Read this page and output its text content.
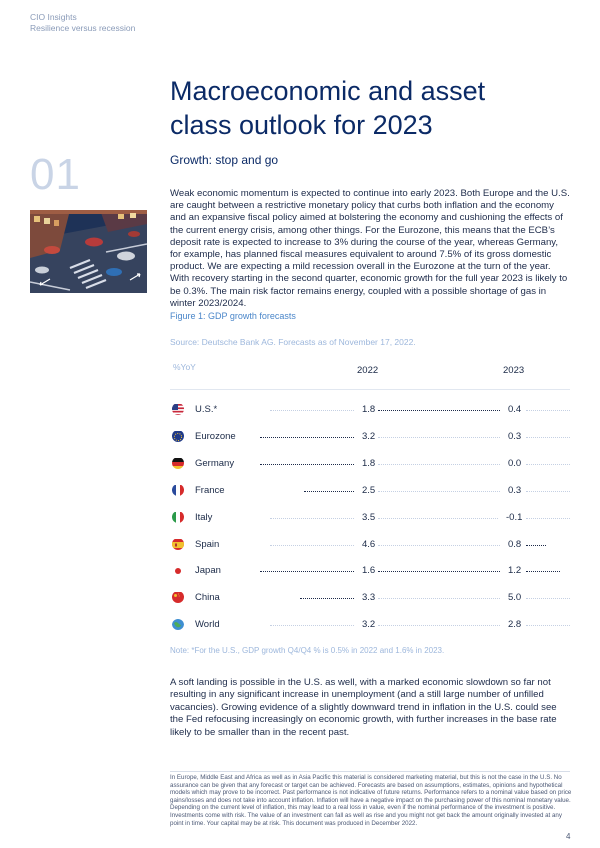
CIO Insights
Resilience versus recession
Macroeconomic and asset
class outlook for 2023
01	Growth: stop and go

Weak economic momentum is expected to continue into early 2023. Both Europe and the U.S. are caught between a restrictive monetary policy that curbs both inflation and the economy and an expansive fiscal policy aimed at bolstering the economy and cushioning the effects of the current energy crisis, among other things. For the Eurozone, this means that the ECB’s deposit rate is expected to increase to 3% during the course of the year, whereas Germany, for example, has planned fiscal measures equivalent to around 7.5% of its gross domestic product. We are expecting a mild recession overall in the Eurozone at the turn of the year. With recovery starting in the second quarter, economic growth for the full year 2023 is likely to be 0.3%. The main risk factor remains energy, coupled with a possible shortage of gas in winter 2023/2024.

Figure 1: GDP growth forecasts
Source: Deutsche Bank AG. Forecasts as of November 17, 2022.
%YoY	2022	2023
U.S.*	1.8	0.4
Eurozone	3.2	0.3
Germany	1.8	0.0
France	2.5	0.3
Italy	3.5	-0.1
Spain	4.6	0.8
Japan	1.6	1.2
China	3.3	5.0
World	3.2	2.8
Note: *For the U.S., GDP growth Q4/Q4 % is 0.5% in 2022 and 1.6% in 2023.

A soft landing is possible in the U.S. as well, with a marked economic slowdown so far not resulting in any significant increase in unemployment (and a still large number of unfilled vacancies). Growing evidence of a slightly downward trend in inflation in the U.S. could see the Fed refocusing increasingly on economic growth, with further increases in the base rate likely to be smaller than in the recent past.

In Europe, Middle East and Africa as well as in Asia Pacific this material is considered marketing material, but this is not the case in the U.S. No assurance can be given that any forecast or target can be achieved. Forecasts are based on assumptions, estimates, opinions and hypothetical models which may prove to be incorrect. Past performance is not indicative of future returns. Performance refers to a nominal value based on price gains/losses and does not take into account inflation. Inflation will have a negative impact on the purchasing power of this nominal monetary value. Depending on the current level of inflation, this may lead to a real loss in value, even if the nominal performance of the investment is positive. Investments come with risk. The value of an investment can fall as well as rise and you might not get back the amount originally invested at any point in time. Your capital may be at risk. This document was produced in December 2022.

4
